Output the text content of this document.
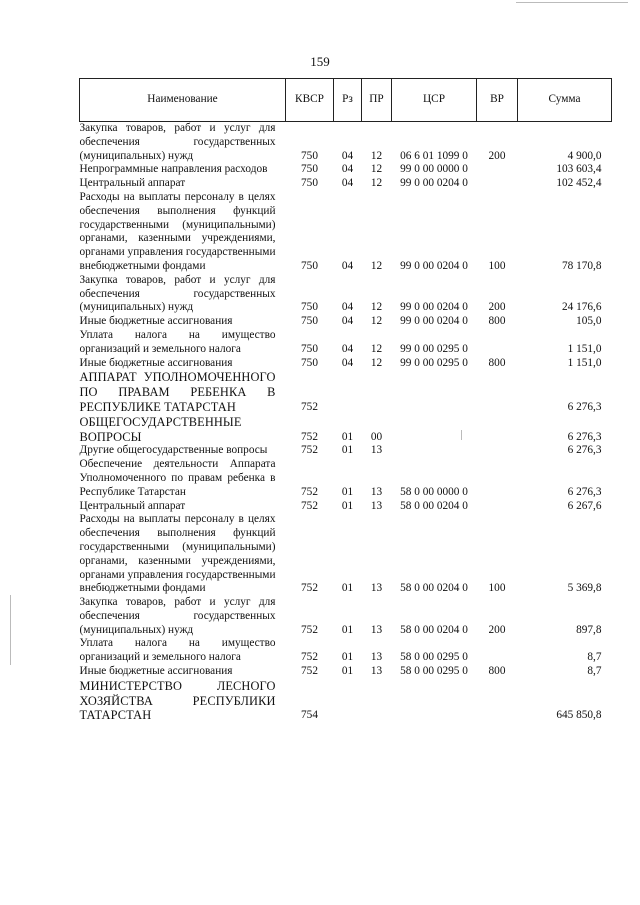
159
Наименование	КВСР	Рз	ПР	ЦСР	ВР	Сумма
Закупка товаров, работ и услуг для обеспечения государственных (муниципальных) нужд	750	04	12	06 6 01 1099 0	200	4 900,0
Непрограммные направления расходов	750	04	12	99 0 00 0000 0		103 603,4
Центральный аппарат	750	04	12	99 0 00 0204 0		102 452,4
Расходы на выплаты персоналу в целях обеспечения выполнения функций государственными (муниципальными) органами, казенными учреждениями, органами управления государственными внебюджетными фондами	750	04	12	99 0 00 0204 0	100	78 170,8
Закупка товаров, работ и услуг для обеспечения государственных (муниципальных) нужд	750	04	12	99 0 00 0204 0	200	24 176,6
Иные бюджетные ассигнования	750	04	12	99 0 00 0204 0	800	105,0
Уплата налога на имущество организаций и земельного налога	750	04	12	99 0 00 0295 0		1 151,0
Иные бюджетные ассигнования	750	04	12	99 0 00 0295 0	800	1 151,0
АППАРАТ УПОЛНОМОЧЕННОГО ПО ПРАВАМ РЕБЕНКА В РЕСПУБЛИКЕ ТАТАРСТАН	752					6 276,3
ОБЩЕГОСУДАРСТВЕННЫЕ ВОПРОСЫ	752	01	00			6 276,3
Другие общегосударственные вопросы	752	01	13			6 276,3
Обеспечение деятельности Аппарата Уполномоченного по правам ребенка в Республике Татарстан	752	01	13	58 0 00 0000 0		6 276,3
Центральный аппарат	752	01	13	58 0 00 0204 0		6 267,6
Расходы на выплаты персоналу в целях обеспечения выполнения функций государственными (муниципальными) органами, казенными учреждениями, органами управления государственными внебюджетными фондами	752	01	13	58 0 00 0204 0	100	5 369,8
Закупка товаров, работ и услуг для обеспечения государственных (муниципальных) нужд	752	01	13	58 0 00 0204 0	200	897,8
Уплата налога на имущество организаций и земельного налога	752	01	13	58 0 00 0295 0		8,7
Иные бюджетные ассигнования	752	01	13	58 0 00 0295 0	800	8,7
МИНИСТЕРСТВО ЛЕСНОГО ХОЗЯЙСТВА РЕСПУБЛИКИ ТАТАРСТАН	754					645 850,8
